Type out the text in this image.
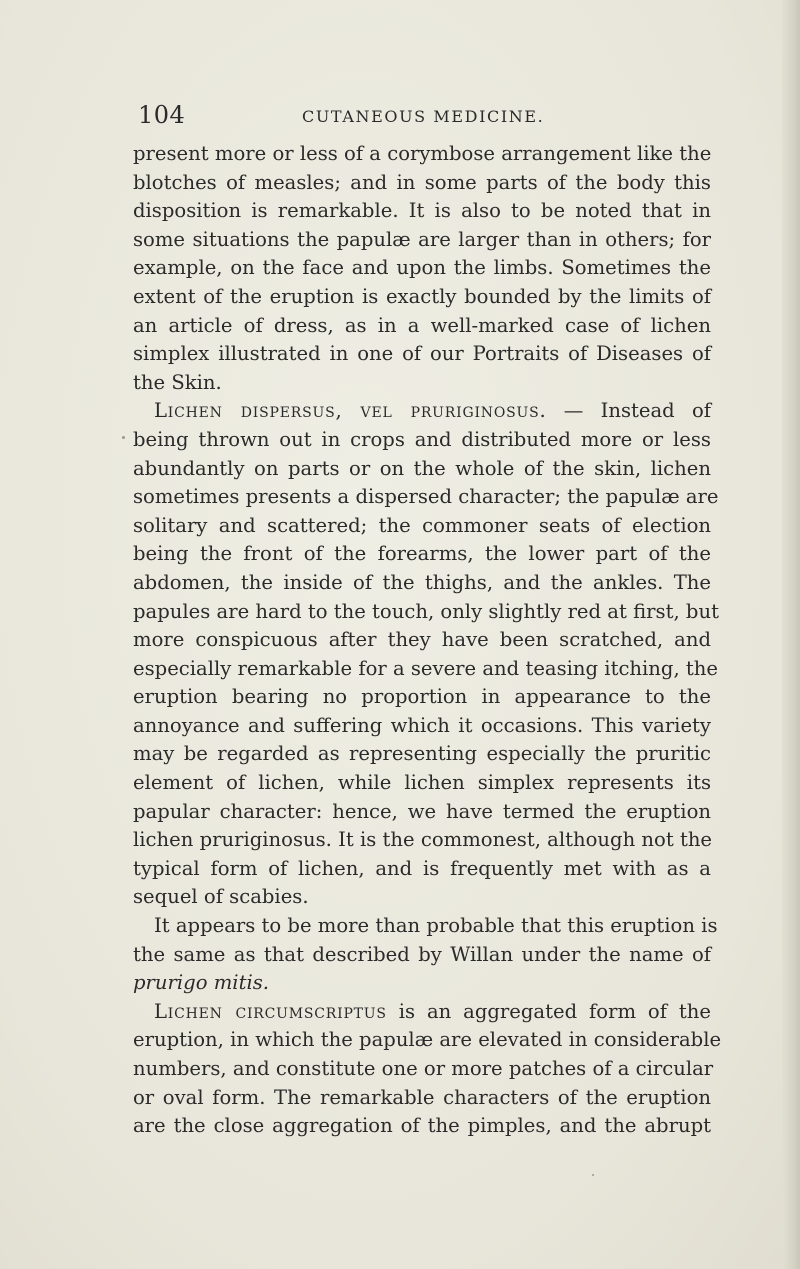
104	CUTANEOUS MEDICINE.
present more or less of a corymbose arrangement like the
blotches of measles; and in some parts of the body this
disposition is remarkable. It is also to be noted that in
some situations the papulæ are larger than in others; for
example, on the face and upon the limbs. Sometimes the
extent of the eruption is exactly bounded by the limits of
an article of dress, as in a well-marked case of lichen
simplex illustrated in one of our Portraits of Diseases of
the Skin.
Lichen dispersus, vel pruriginosus. — Instead of
being thrown out in crops and distributed more or less
abundantly on parts or on the whole of the skin, lichen
sometimes presents a dispersed character; the papulæ are
solitary and scattered; the commoner seats of election
being the front of the forearms, the lower part of the
abdomen, the inside of the thighs, and the ankles. The
papules are hard to the touch, only slightly red at first, but
more conspicuous after they have been scratched, and
especially remarkable for a severe and teasing itching, the
eruption bearing no proportion in appearance to the
annoyance and suffering which it occasions. This variety
may be regarded as representing especially the pruritic
element of lichen, while lichen simplex represents its
papular character: hence, we have termed the eruption
lichen pruriginosus. It is the commonest, although not the
typical form of lichen, and is frequently met with as a
sequel of scabies.
It appears to be more than probable that this eruption is
the same as that described by Willan under the name of
prurigo mitis.
Lichen circumscriptus is an aggregated form of the
eruption, in which the papulæ are elevated in considerable
numbers, and constitute one or more patches of a circular
or oval form. The remarkable characters of the eruption
are the close aggregation of the pimples, and the abrupt
